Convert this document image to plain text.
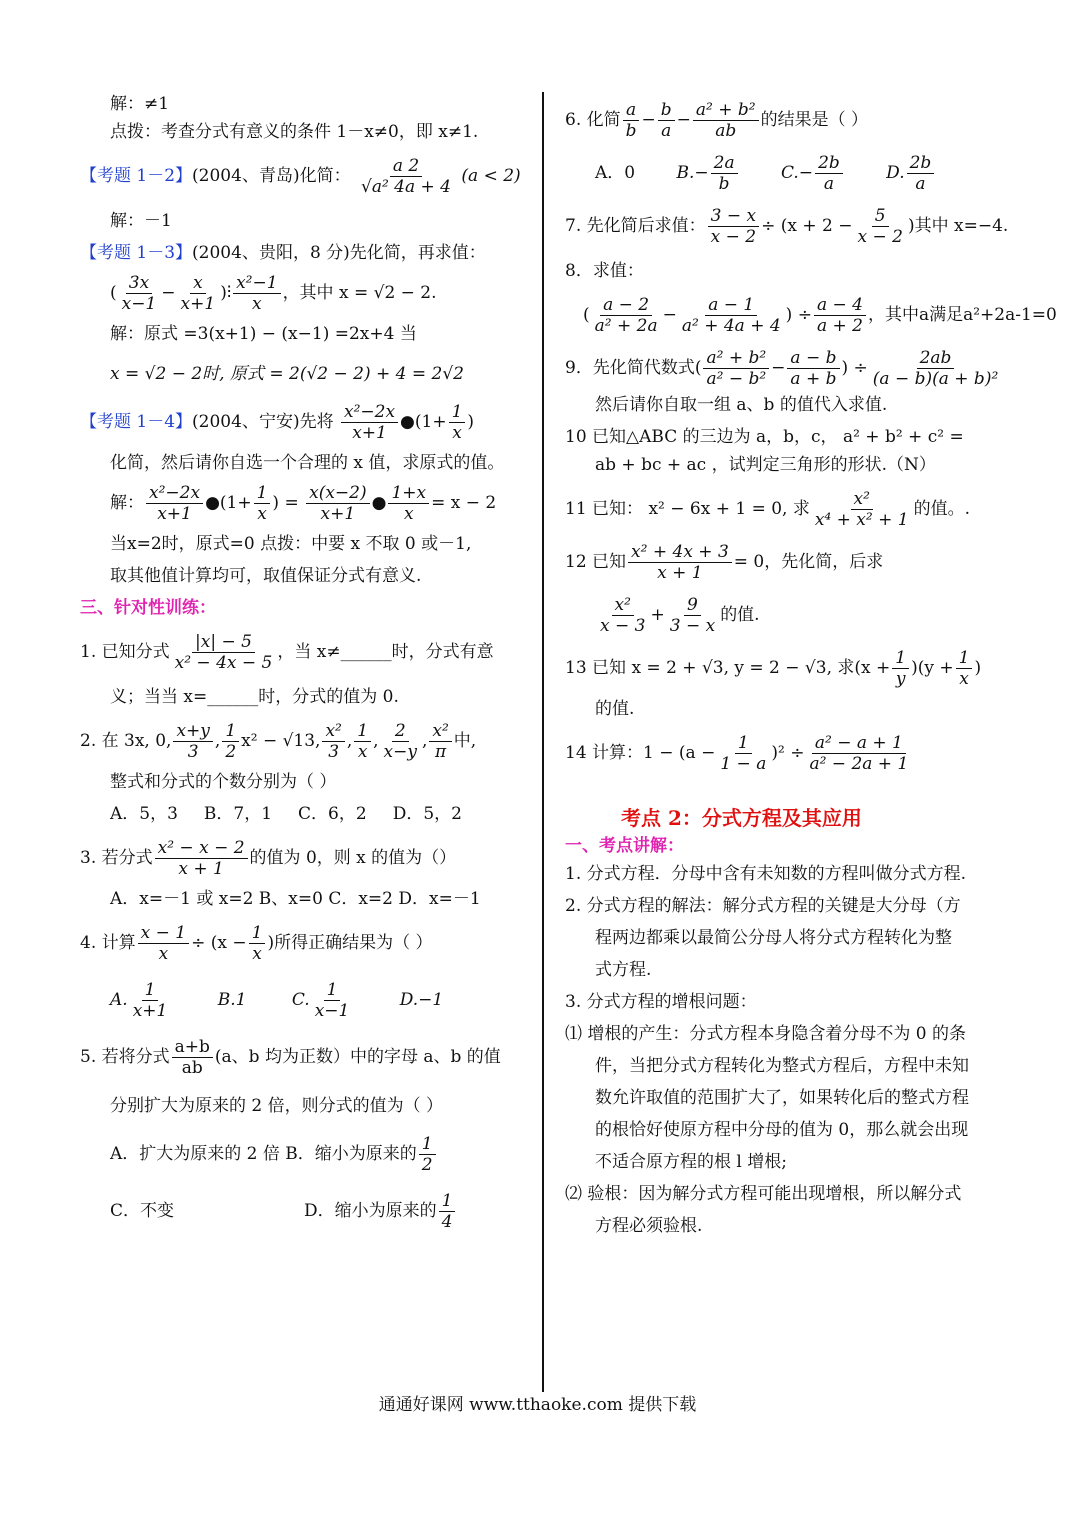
解：≠1
点拨：考查分式有意义的条件 1－x≠0，即 x≠1.
【考题 1－2】(2004、青岛)化简： $\frac{a 2}{\text{√a² 4a + 4}} (a < 2)$
解：－1
【考题 1－3】(2004、贵阳，8 分)先化简，再求值：
( $\frac{3x}{x-1} - \frac{x}{x+1}$ )⫶ $\frac{\text{x²−1}}{x}$ ，其中 x = √2 − 2.
解：原式 =3(x+1) − (x−1) =2x+4 当
x = √2 − 2时, 原式 = 2(√2 − 2) + 4 = 2√2
【考题 1－4】(2004、宁安)先将 $\frac{\text{x²−2x}}{x+1}$ ●(1+ $\frac{1}{x}$ )
化简，然后请你自选一个合理的 x 值，求原式的值。
解： $\frac{\text{x²−2x}}{x+1}$ ●(1+ $\frac{1}{x}$ ) = $\frac{x(x-2)}{x+1}$ ● $\frac{1+x}{x} = x - 2$
当x=2时，原式=0 点拨：中要 x 不取 0 或－1,
取其他值计算均可，取值保证分式有意义.
三、针对性训练：
1. 已知分式 $\frac{|x| - 5}{\text{x² − 4x − 5}}$ ，当 x≠______时，分式有意
义；当当 x=______时，分式的值为 0.
2. 在 3x, 0, $\frac{x+y}{3}$ , $\frac{1}{2} x^2 - √13$, $\frac{\text{x²}}{3}$ , $\frac{1}{x}$ , $\frac{2}{x-y}$ , $\frac{\text{x²}}{\pi}$ 中,
整式和分式的个数分别为（ ）
A．5，3 B．7，1 C．6，2 D．5，2
3. 若分式 $\frac{\text{x² − x − 2}}{x + 1}$ 的值为 0，则 x 的值为（）
A．x=－1 或 x=2 B、x=0 C．x=2 D．x=－1
4. 计算 $\frac{x - 1}{x} \div (x - \frac{1}{x}$ )所得正确结果为（ ）
A. $\frac{1}{x+1}$	B.1	C. $\frac{1}{x-1}$	D.−1
5. 若将分式 $\frac{a+b}{ab} (a$、b 均为正数）中的字母 a、b 的值
分别扩大为原来的 2 倍，则分式的值为（ ）
A．扩大为原来的 2 倍 B．缩小为原来的 $\frac{1}{2}$
C．不变	D．缩小为原来的 $\frac{1}{4}$
6. 化简 $\frac{a}{b} - \frac{b}{a} - \frac{\text{a² + b²}}{ab}$ 的结果是（ ）
A．0 $B.- \frac{2a}{b}$	$C.- \frac{2b}{a}$	D. $\frac{2b}{a}$
7. 先化简后求值： $\frac{3 - x}{x - 2} \div (x + 2 - \frac{5}{x - 2}$ )其中 x=−4.
8．求值：
( $\frac{a - 2}{\text{a² + 2a}} - \frac{a - 1}{\text{a² + 4a + 4}}$ ) ÷ $\frac{a - 4}{a + 2}$ ，其中a满足a²+2a-1=0
9．先化简代数式( $\frac{\text{a² + b²}}{\text{a² − b²}} - \frac{a - b}{a + b}$ ) ÷ $\frac{2ab}{\text{(a − b)(a + b)²}}$
然后请你自取一组 a、b 的值代入求值.
10 已知△ABC 的三边为 a，b，c， a² + b² + c² =
ab + bc + ac ，试判定三角形的形状.（N）
11 已知： x² − 6x + 1 = 0, 求 $\frac{\text{x²}}{\text{x⁴ + x² + 1}}$ 的值。.
12 已知 $\frac{\text{x² + 4x + 3}}{x + 1} = 0$，先化简，后求
$\frac{\text{x²}}{x - 3} + \frac{9}{3 - x}$ 的值.
13 已知 x = 2 + √3, y = 2 − √3, 求$(x + \frac{1}{y} )(y + \frac{1}{x}$ )
的值.
14 计算：$1 - (a - \frac{1}{1 - a} )^2 \div \frac{\text{a² − a + 1}}{\text{a² − 2a + 1}}$
考点 2：分式方程及其应用
一、考点讲解：
1. 分式方程．分母中含有未知数的方程叫做分式方程.
2. 分式方程的解法：解分式方程的关键是大分母（方
程两边都乘以最简公分母人将分式方程转化为整
式方程.
3. 分式方程的增根问题：
⑴ 增根的产生：分式方程本身隐含着分母不为 0 的条
件，当把分式方程转化为整式方程后，方程中未知
数允许取值的范围扩大了，如果转化后的整式方程
的根恰好使原方程中分母的值为 0，那么就会出现
不适合原方程的根 l 增根;
⑵ 验根：因为解分式方程可能出现增根，所以解分式
方程必须验根.
通通好课网 www.tthaoke.com 提供下载
